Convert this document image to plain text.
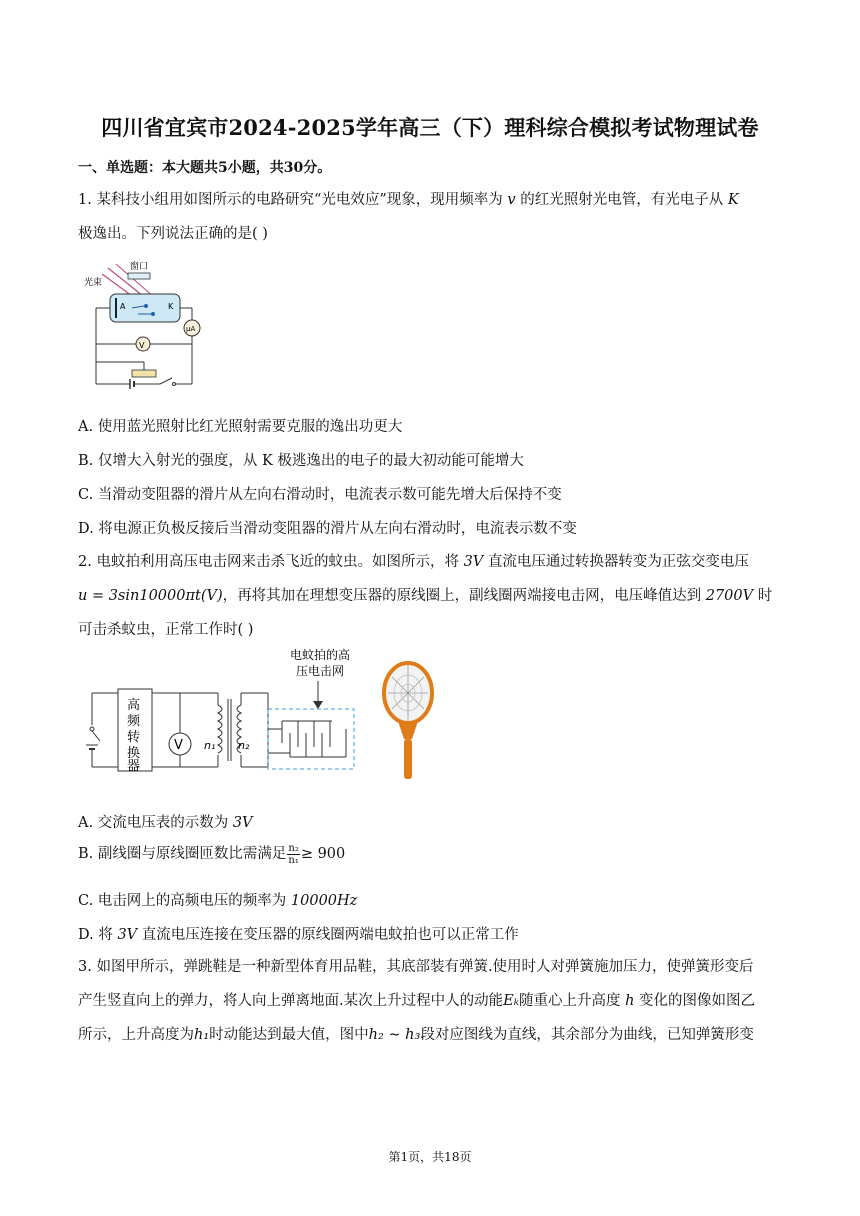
四川省宜宾市2024-2025学年高三（下）理科综合模拟考试物理试卷
一、单选题：本大题共5小题，共30分。
1. 某科技小组用如图所示的电路研究“光电效应”现象，现用频率为 v 的红光照射光电管，有光电子从 K
极逸出。下列说法正确的是( )
窗口
光束
A	K
μA
V
A. 使用蓝光照射比红光照射需要克服的逸出功更大
B. 仅增大入射光的强度，从 K 极逃逸出的电子的最大初动能可能增大
C. 当滑动变阻器的滑片从左向右滑动时，电流表示数可能先增大后保持不变
D. 将电源正负极反接后当滑动变阻器的滑片从左向右滑动时，电流表示数不变
2. 电蚊拍利用高压电击网来击杀飞近的蚊虫。如图所示，将 3V 直流电压通过转换器转变为正弦交变电压
u = 3sin10000πt(V)，再将其加在理想变压器的原线圈上，副线圈两端接电击网，电压峰值达到 2700V 时
可击杀蚊虫，正常工作时( )
电蚊拍的高
压电击网
高
频
转
换
器
V n₁ n₂
A. 交流电压表的示数为 3V
B. 副线圈与原线圈匝数比需满足 $\frac{\text{n₂}}{\text{n₁}} \ge 900$
C. 电击网上的高频电压的频率为 10000Hz
D. 将 3V 直流电压连接在变压器的原线圈两端电蚊拍也可以正常工作
3. 如图甲所示，弹跳鞋是一种新型体育用品鞋，其底部装有弹簧.使用时人对弹簧施加压力，使弹簧形变后
产生竖直向上的弹力，将人向上弹离地面.某次上升过程中人的动能Eₖ随重心上升高度 h 变化的图像如图乙
所示，上升高度为h₁时动能达到最大值，图中h₂ ∼ h₃段对应图线为直线，其余部分为曲线，已知弹簧形变
第1页，共18页
